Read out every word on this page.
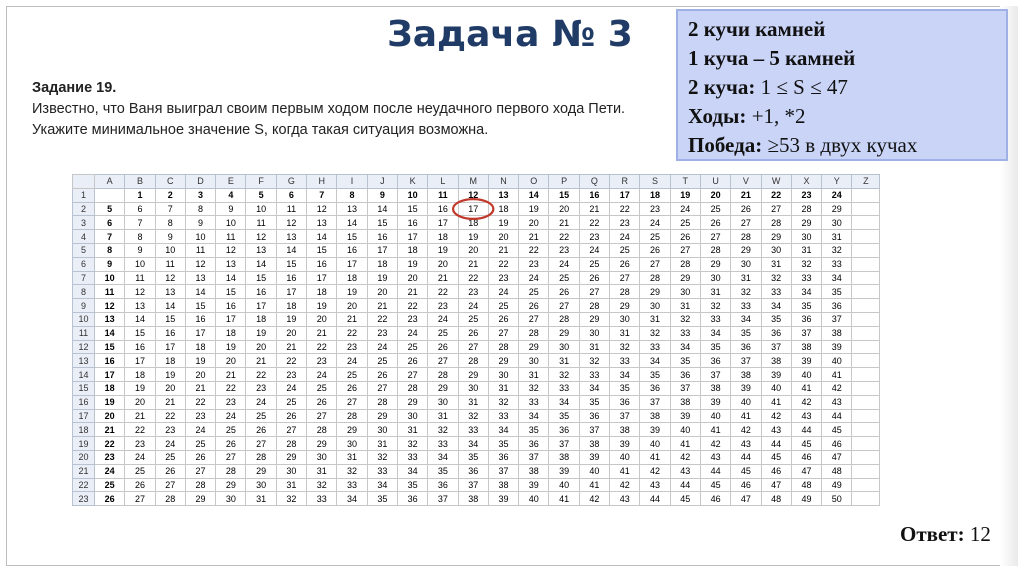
Задача № 3	2 кучи камней
1 куча – 5 камней
2 куча: 1 ≤ S ≤ 47
Ходы: +1, *2
Победа: ≥53 в двух кучах
Задание 19.
Известно, что Ваня выиграл своим первым ходом после неудачного первого хода Пети. Укажите минимальное значение S, когда такая ситуация возможна.
	A	B	C	D	E	F	G	H	I	J	K	L	M	N	O	P	Q	R	S	T	U	V	W	X	Y	Z
1		1	2	3	4	5	6	7	8	9	10	11	12	13	14	15	16	17	18	19	20	21	22	23	24	
2	5	6	7	8	9	10	11	12	13	14	15	16	17	18	19	20	21	22	23	24	25	26	27	28	29	
3	6	7	8	9	10	11	12	13	14	15	16	17	18	19	20	21	22	23	24	25	26	27	28	29	30	
4	7	8	9	10	11	12	13	14	15	16	17	18	19	20	21	22	23	24	25	26	27	28	29	30	31	
5	8	9	10	11	12	13	14	15	16	17	18	19	20	21	22	23	24	25	26	27	28	29	30	31	32	
6	9	10	11	12	13	14	15	16	17	18	19	20	21	22	23	24	25	26	27	28	29	30	31	32	33	
7	10	11	12	13	14	15	16	17	18	19	20	21	22	23	24	25	26	27	28	29	30	31	32	33	34	
8	11	12	13	14	15	16	17	18	19	20	21	22	23	24	25	26	27	28	29	30	31	32	33	34	35	
9	12	13	14	15	16	17	18	19	20	21	22	23	24	25	26	27	28	29	30	31	32	33	34	35	36	
10	13	14	15	16	17	18	19	20	21	22	23	24	25	26	27	28	29	30	31	32	33	34	35	36	37	
11	14	15	16	17	18	19	20	21	22	23	24	25	26	27	28	29	30	31	32	33	34	35	36	37	38	
12	15	16	17	18	19	20	21	22	23	24	25	26	27	28	29	30	31	32	33	34	35	36	37	38	39	
13	16	17	18	19	20	21	22	23	24	25	26	27	28	29	30	31	32	33	34	35	36	37	38	39	40	
14	17	18	19	20	21	22	23	24	25	26	27	28	29	30	31	32	33	34	35	36	37	38	39	40	41	
15	18	19	20	21	22	23	24	25	26	27	28	29	30	31	32	33	34	35	36	37	38	39	40	41	42	
16	19	20	21	22	23	24	25	26	27	28	29	30	31	32	33	34	35	36	37	38	39	40	41	42	43	
17	20	21	22	23	24	25	26	27	28	29	30	31	32	33	34	35	36	37	38	39	40	41	42	43	44	
18	21	22	23	24	25	26	27	28	29	30	31	32	33	34	35	36	37	38	39	40	41	42	43	44	45	
19	22	23	24	25	26	27	28	29	30	31	32	33	34	35	36	37	38	39	40	41	42	43	44	45	46	
20	23	24	25	26	27	28	29	30	31	32	33	34	35	36	37	38	39	40	41	42	43	44	45	46	47	
21	24	25	26	27	28	29	30	31	32	33	34	35	36	37	38	39	40	41	42	43	44	45	46	47	48	
22	25	26	27	28	29	30	31	32	33	34	35	36	37	38	39	40	41	42	43	44	45	46	47	48	49	
23	26	27	28	29	30	31	32	33	34	35	36	37	38	39	40	41	42	43	44	45	46	47	48	49	50	
Ответ: 12
